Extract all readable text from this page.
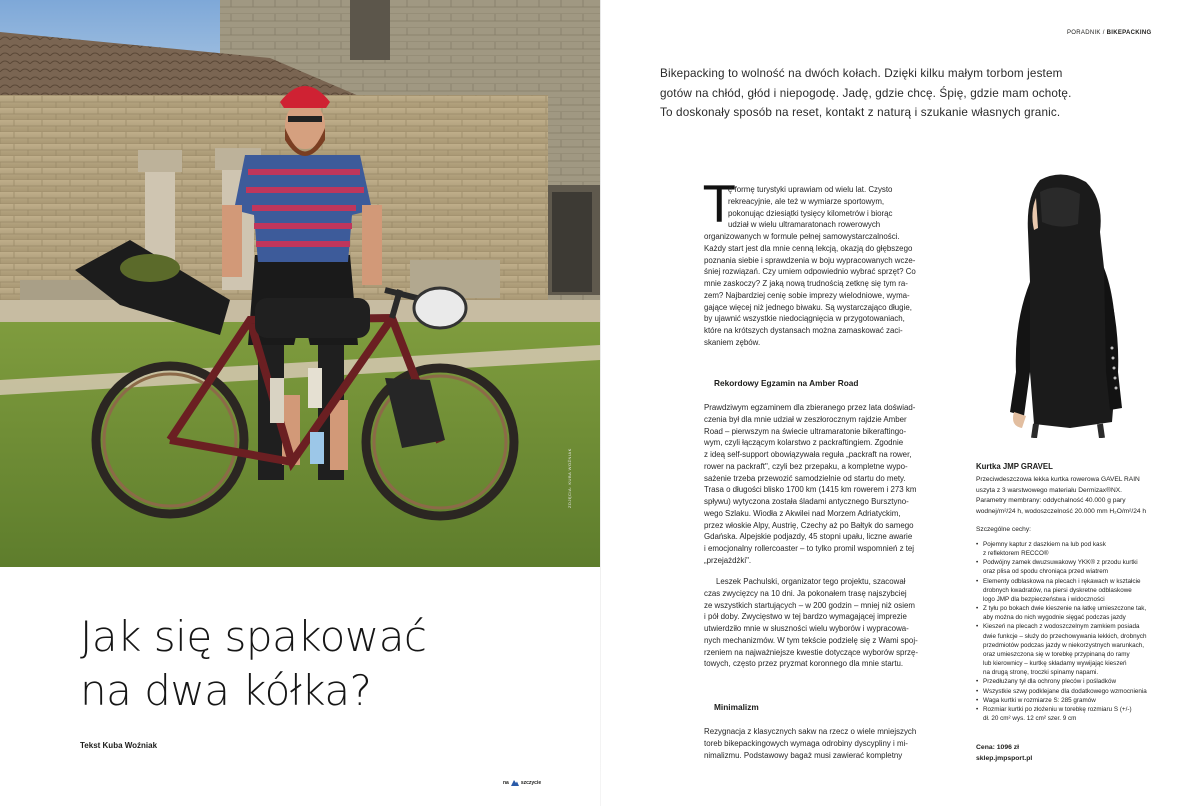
ZDJĘCIA: KUBA WOŹNIAK
Jak się spakować
na dwa kółka?
Tekst Kuba Woźniak
na szczycie
PORADNIK / BIKEPACKING

Bikepacking to wolność na dwóch kołach. Dzięki kilku małym torbom jestem

gotów na chłód, głód i niepogodę. Jadę, gdzie chcę. Śpię, gdzie mam ochotę.

To doskonały sposób na reset, kontakt z naturą i szukanie własnych granic.

T
ę formę turystyki uprawiam od wielu lat. Czysto
rekreacyjnie, ale też w wymiarze sportowym,
pokonując dziesiątki tysięcy kilometrów i biorąc
udział w wielu ultramaratonach rowerowych
organizowanych w formule pełnej samowystarczalności.
Każdy start jest dla mnie cenną lekcją, okazją do głębszego
poznania siebie i sprawdzenia w boju wypracowanych wcze-
śniej rozwiązań. Czy umiem odpowiednio wybrać sprzęt? Co
mnie zaskoczy? Z jaką nową trudnością zetknę się tym ra-
zem? Najbardziej cenię sobie imprezy wielodniowe, wyma-
gające więcej niż jednego biwaku. Są wystarczająco długie,
by ujawnić wszystkie niedociągnięcia w przygotowaniach,
które na krótszych dystansach można zamaskować zaci-
skaniem zębów.
Rekordowy Egzamin na Amber Road
Prawdziwym egzaminem dla zbieranego przez lata doświad-
czenia był dla mnie udział w zeszłorocznym rajdzie Amber
Road – pierwszym na świecie ultramaratonie bikeraftingo-
wym, czyli łączącym kolarstwo z packraftingiem. Zgodnie
z ideą self-support obowiązywała reguła „packraft na rower,
rower na packraft", czyli bez przepaku, a kompletne wypo-
sażenie trzeba przewozić samodzielnie od startu do mety.
Trasa o długości blisko 1700 km (1415 km rowerem i 273 km
spływu) wytyczona została śladami antycznego Bursztyno-
wego Szlaku. Wiodła z Akwilei nad Morzem Adriatyckim,
przez włoskie Alpy, Austrię, Czechy aż po Bałtyk do samego
Gdańska. Alpejskie podjazdy, 45 stopni upału, liczne awarie
i emocjonalny rollercoaster – to tylko promil wspomnień z tej
„przejażdżki".
Leszek Pachulski, organizator tego projektu, szacował
czas zwycięzcy na 10 dni. Ja pokonałem trasę najszybciej
ze wszystkich startujących – w 200 godzin – mniej niż osiem
i pół doby. Zwycięstwo w tej bardzo wymagającej imprezie
utwierdziło mnie w słuszności wielu wyborów i wypracowa-
nych mechanizmów. W tym tekście podzielę się z Wami spoj-
rzeniem na najważniejsze kwestie dotyczące wyborów sprzę-
towych, często przez pryzmat koronnego dla mnie startu.
Minimalizm
Rezygnacja z klasycznych sakw na rzecz o wiele mniejszych
toreb bikepackingowych wymaga odrobiny dyscypliny i mi-
nimalizmu. Podstawowy bagaż musi zawierać kompletny
Kurtka JMP GRAVEL
Przeciwdeszczowa lekka kurtka rowerowa GAVEL RAIN
uszyta z 3 warstwowego materiału Dermizax®NX.
Parametry membrany: oddychalność 40.000 g pary
wodnej/m²/24 h, wodoszczelność 20.000 mm H₂O/m²/24 h
Szczególne cechy:
• Pojemny kaptur z daszkiem na lub pod kask
z reflektorem RECCO®
• Podwójny zamek dwuzsuwakowy YKK® z przodu kurtki
oraz plisa od spodu chroniąca przed wiatrem
• Elementy odblaskowa na plecach i rękawach w kształcie
drobnych kwadratów, na piersi dyskretne odblaskowe
logo JMP dla bezpieczeństwa i widoczności
• Z tyłu po bokach dwie kieszenie na łatkę umieszczone tak,
aby można do nich wygodnie sięgać podczas jazdy
• Kieszeń na plecach z wodoszczelnym zamkiem posiada
dwie funkcje – służy do przechowywania lekkich, drobnych
przedmiotów podczas jazdy w niekorzystnych warunkach,
oraz umieszczona się w torebkę przypinaną do ramy
lub kierownicy – kurtkę składamy wywijając kieszeń
na drugą stronę, troczki spinamy napami.
• Przedłużany tył dla ochrony pleców i pośladków
• Wszystkie szwy podklejane dla dodatkowego wzmocnienia
• Waga kurtki w rozmiarze S: 285 gramów
• Rozmiar kurtki po złożeniu w torebkę rozmiaru S (+/-)
dł. 20 cm² wys. 12 cm² szer. 9 cm
Cena: 1096 zł
sklep.jmpsport.pl
